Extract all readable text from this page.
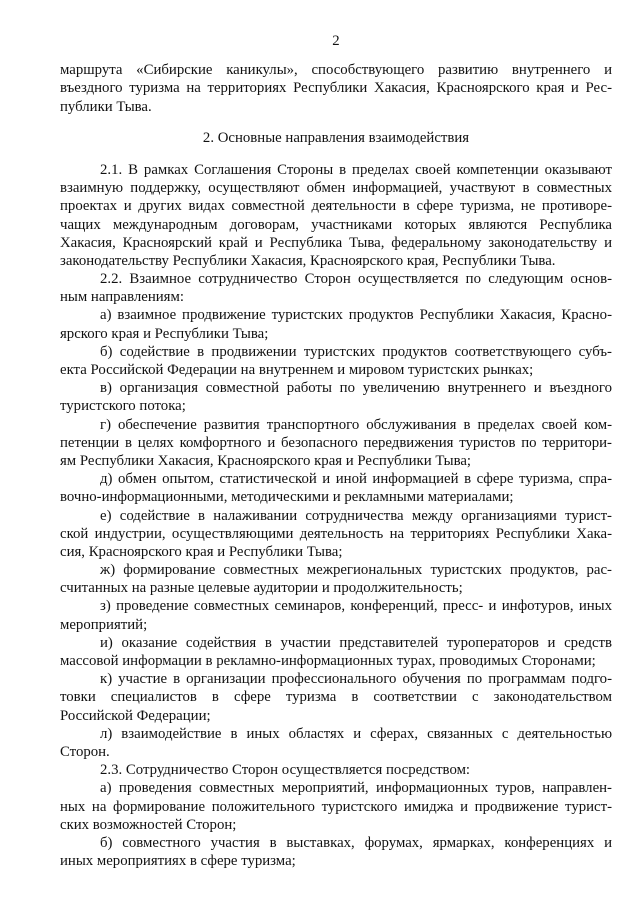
2
маршрута «Сибирские каникулы», способствующего развитию внутреннего и
въездного туризма на территориях Республики Хакасия, Красноярского края и Рес-
публики Тыва.
2. Основные направления взаимодействия
2.1. В рамках Соглашения Стороны в пределах своей компетенции оказывают
взаимную поддержку, осуществляют обмен информацией, участвуют в совместных
проектах и других видах совместной деятельности в сфере туризма, не противоре-
чащих международным договорам, участниками которых являются Республика
Хакасия, Красноярский край и Республика Тыва, федеральному законодательству и
законодательству Республики Хакасия, Красноярского края, Республики Тыва.
2.2. Взаимное сотрудничество Сторон осуществляется по следующим основ-
ным направлениям:
а) взаимное продвижение туристских продуктов Республики Хакасия, Красно-
ярского края и Республики Тыва;
б) содействие в продвижении туристских продуктов соответствующего субъ-
екта Российской Федерации на внутреннем и мировом туристских рынках;
в) организация совместной работы по увеличению внутреннего и въездного
туристского потока;
г) обеспечение развития транспортного обслуживания в пределах своей ком-
петенции в целях комфортного и безопасного передвижения туристов по территори-
ям Республики Хакасия, Красноярского края и Республики Тыва;
д) обмен опытом, статистической и иной информацией в сфере туризма, спра-
вочно-информационными, методическими и рекламными материалами;
е) содействие в налаживании сотрудничества между организациями турист-
ской индустрии, осуществляющими деятельность на территориях Республики Хака-
сия, Красноярского края и Республики Тыва;
ж) формирование совместных межрегиональных туристских продуктов, рас-
считанных на разные целевые аудитории и продолжительность;
з) проведение совместных семинаров, конференций, пресс- и инфотуров, иных
мероприятий;
и) оказание содействия в участии представителей туроператоров и средств
массовой информации в рекламно-информационных турах, проводимых Сторонами;
к) участие в организации профессионального обучения по программам подго-
товки специалистов в сфере туризма в соответствии с законодательством
Российской Федерации;
л) взаимодействие в иных областях и сферах, связанных с деятельностью
Сторон.
2.3. Сотрудничество Сторон осуществляется посредством:
а) проведения совместных мероприятий, информационных туров, направлен-
ных на формирование положительного туристского имиджа и продвижение турист-
ских возможностей Сторон;
б) совместного участия в выставках, форумах, ярмарках, конференциях и
иных мероприятиях в сфере туризма;
